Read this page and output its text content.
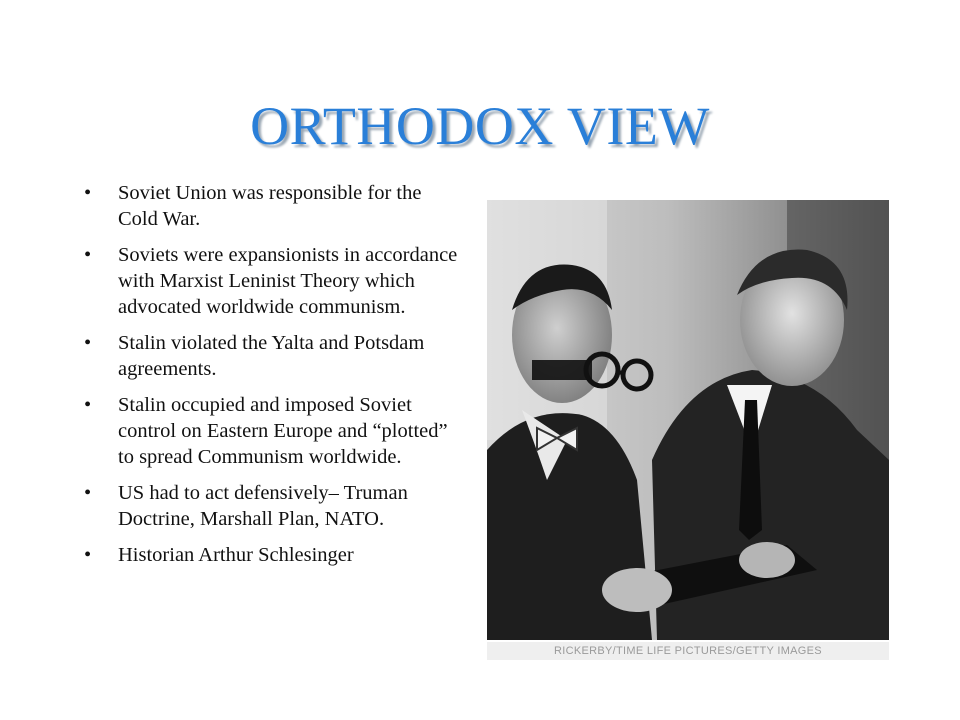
ORTHODOX VIEW
• Soviet Union was responsible for the Cold War.
• Soviets were expansionists in accordance with Marxist Leninist Theory which advocated worldwide communism.
• Stalin violated the Yalta and Potsdam agreements.
• Stalin occupied and imposed Soviet control on Eastern Europe and “plotted” to spread Communism worldwide.
• US had to act defensively– Truman Doctrine, Marshall Plan, NATO.
• Historian Arthur Schlesinger
RICKERBY/TIME LIFE PICTURES/GETTY IMAGES
